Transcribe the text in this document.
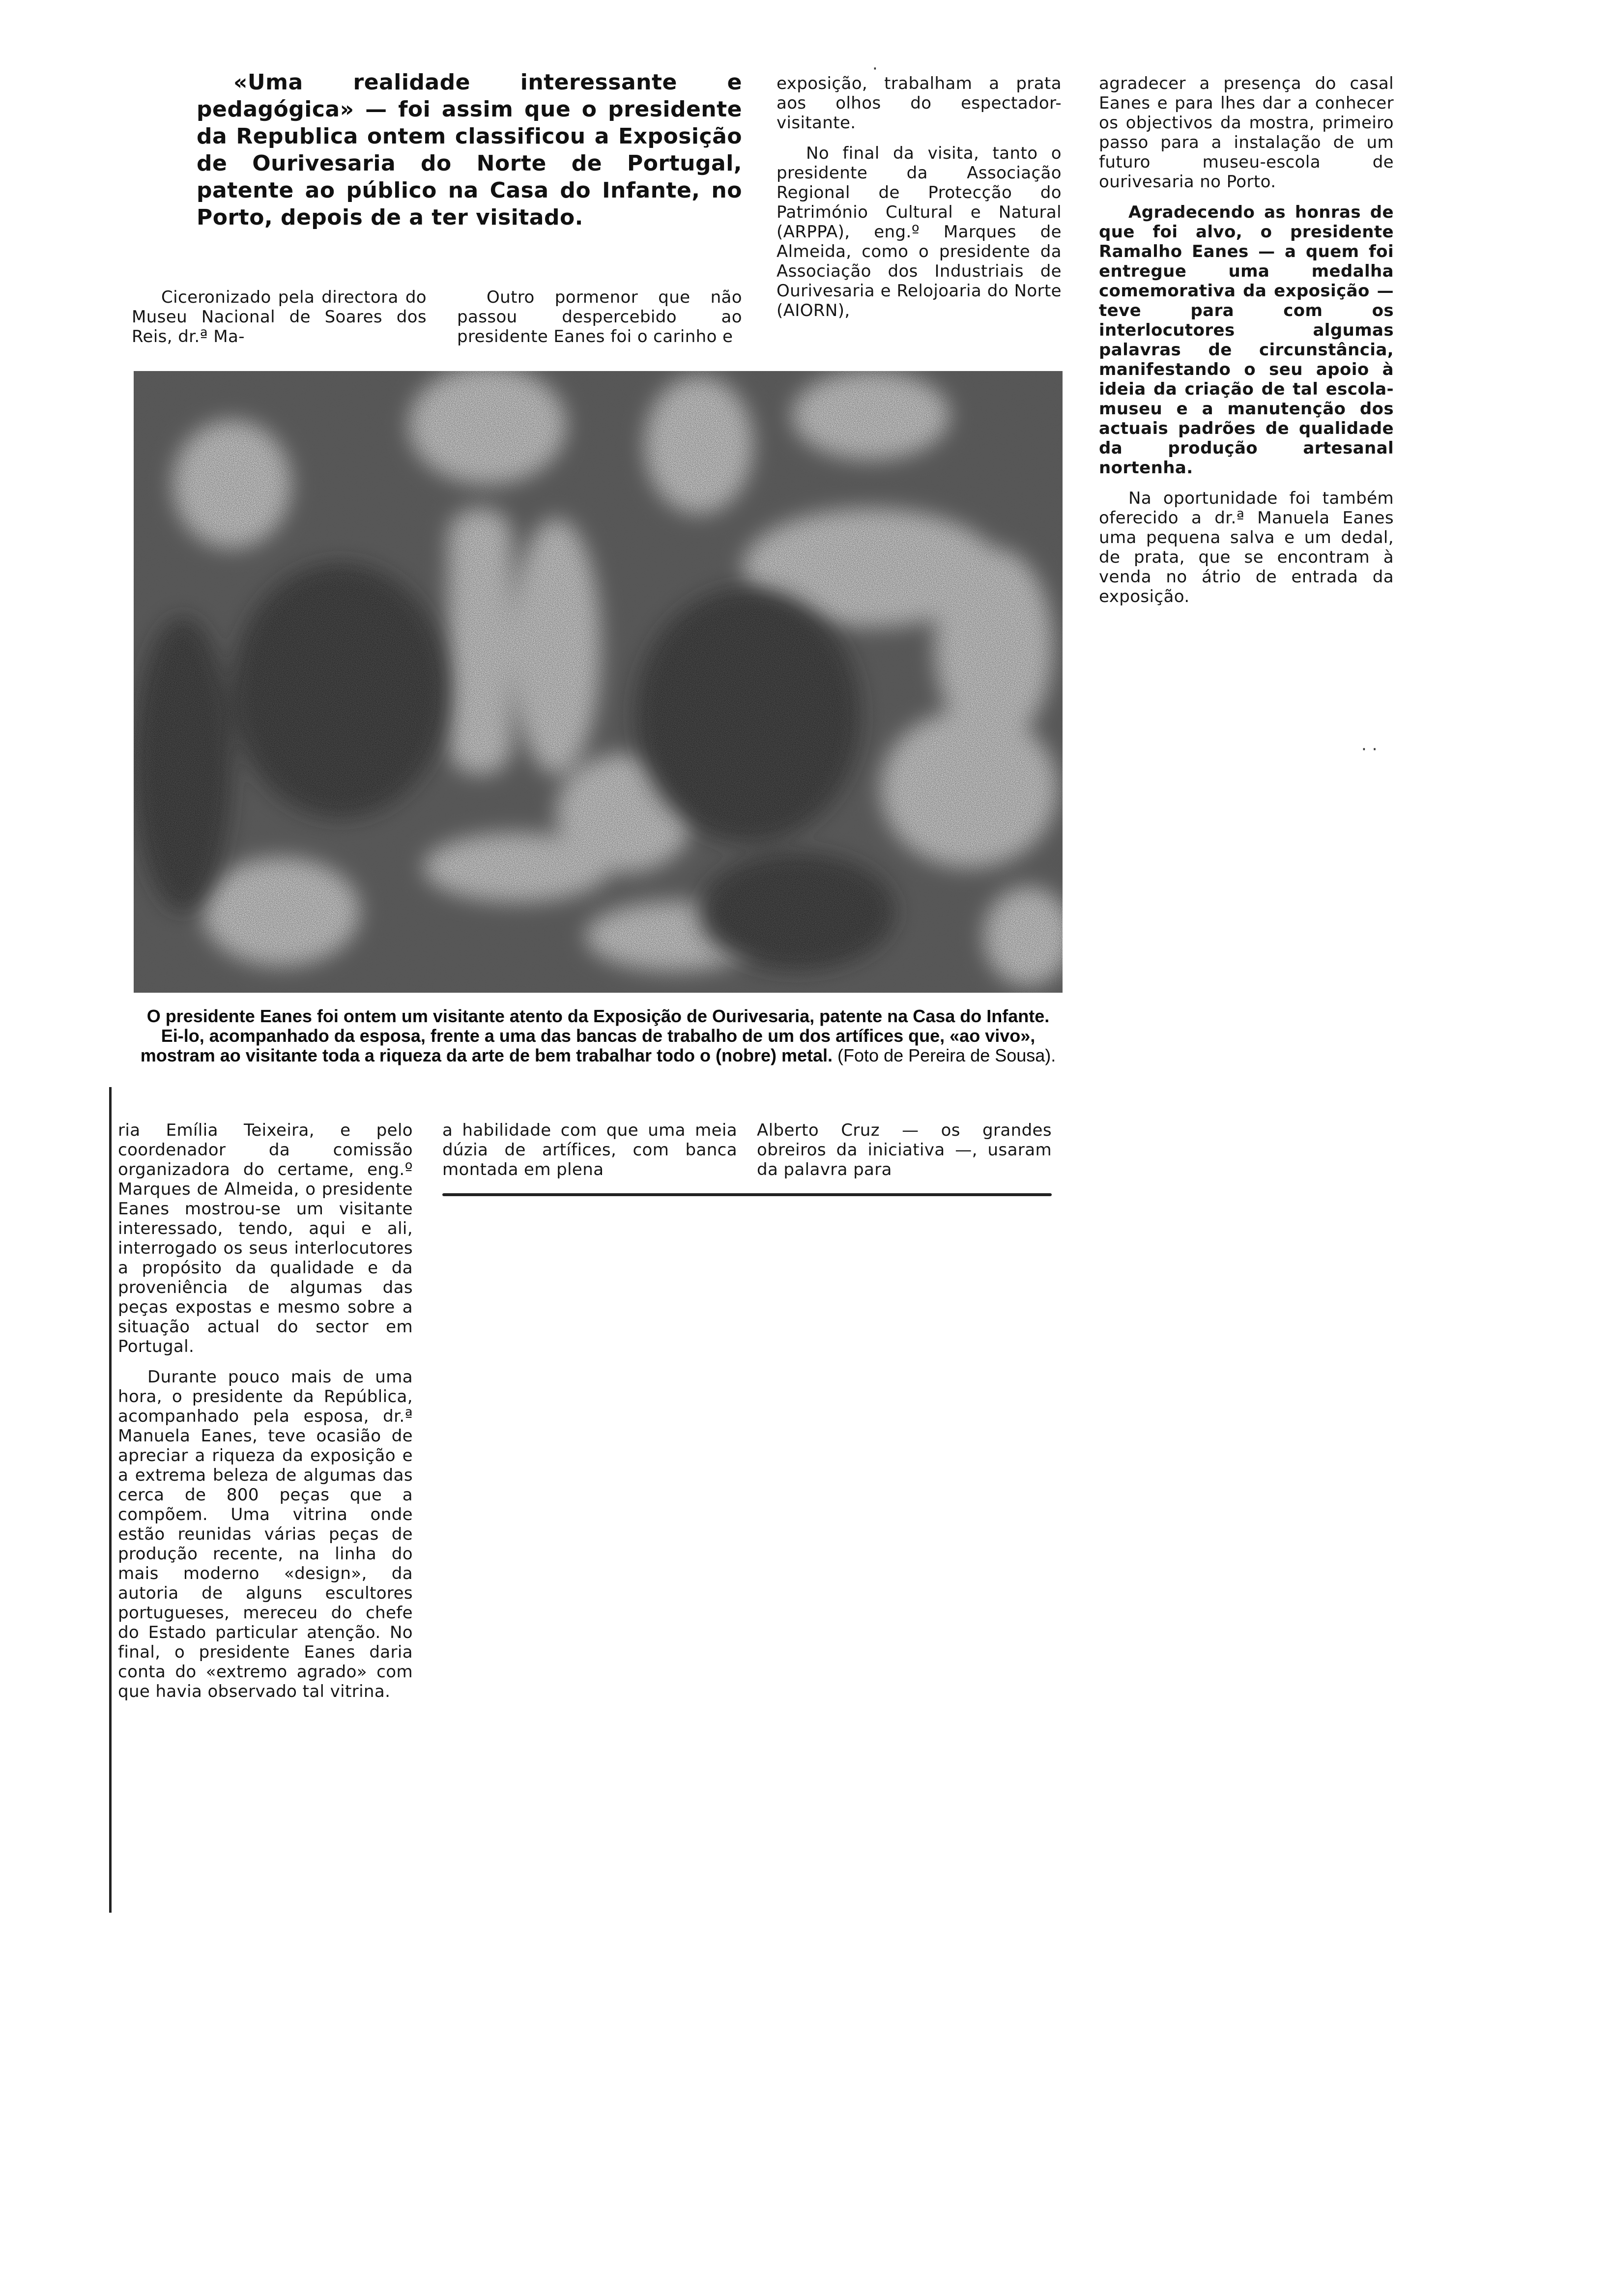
«Uma realidade interessante e pedagógica» — foi assim que o presidente da Republica ontem classificou a Exposição de Ourivesaria do Norte de Portugal, patente ao público na Casa do Infante, no Porto, depois de a ter visitado.

Cicer‌onizado pela directora do Museu Nacional de Soares dos Reis, dr.ª Ma-

Outro pormenor que não passou despercebido ao presidente Eanes foi o carinho e

exposição, trabalham a prata aos olhos do espectador-visitante.

No final da visita, tanto o presidente da Associação Regional de Protecção do Património Cultural e Natural (ARPPA), eng.º Marques de Almeida, como o presidente da Associação dos Industriais de Ourivesaria e Relojoaria do Norte (AIORN),

agradecer a presença do casal Eanes e para lhes dar a conhecer os objectivos da mostra, primeiro passo para a instalação de um futuro museu-escola de ourivesaria no Porto.

Agradecendo as honras de que foi alvo, o presidente Ramalho Eanes — a quem foi entregue uma medalha comemorativa da exposição — teve para com os interlocutores algumas palavras de circunstância, manifestando o seu apoio à ideia da criação de tal escola-museu e a manutenção dos actuais padrões de qualidade da produção artesanal nortenha.

Na oportunidade foi também oferecido a dr.ª Manuela Eanes uma pequena salva e um dedal, de prata, que se encontram à venda no átrio de entrada da exposição.

O presidente Eanes foi ontem um visitante atento da Exposição de Ourivesaria, patente na Casa do Infante. Ei-lo, acompanhado da esposa, frente a uma das bancas de trabalho de um dos artífices que, «ao vivo», mostram ao visitante toda a riqueza da arte de bem trabalhar todo o (nobre) metal. (Foto de Pereira de Sousa).

ria Emília Teixeira, e pelo coordenador da comissão organizadora do certame, eng.º Marques de Almeida, o presidente Eanes mostrou-se um visitante interessado, tendo, aqui e ali, interrogado os seus interlocutores a propósito da qualidade e da proveniência de algumas das peças expostas e mesmo sobre a situação actual do sector em Portugal.

Durante pouco mais de uma hora, o presidente da República, acompanhado pela esposa, dr.ª Manuela Eanes, teve ocasião de apreciar a riqueza da exposição e a extrema beleza de algumas das cerca de 800 peças que a compõem. Uma vitrina onde estão reunidas várias peças de produção recente, na linha do mais moderno «design», da autoria de alguns escultores portugueses, mereceu do chefe do Estado particular atenção. No final, o presidente Eanes daria conta do «extremo agrado» com que havia observado tal vitrina.

a habilidade com que uma meia dúzia de artífices, com banca montada em plena

Alberto Cruz — os grandes obreiros da iniciativa —, usaram da palavra para

·
· ·
